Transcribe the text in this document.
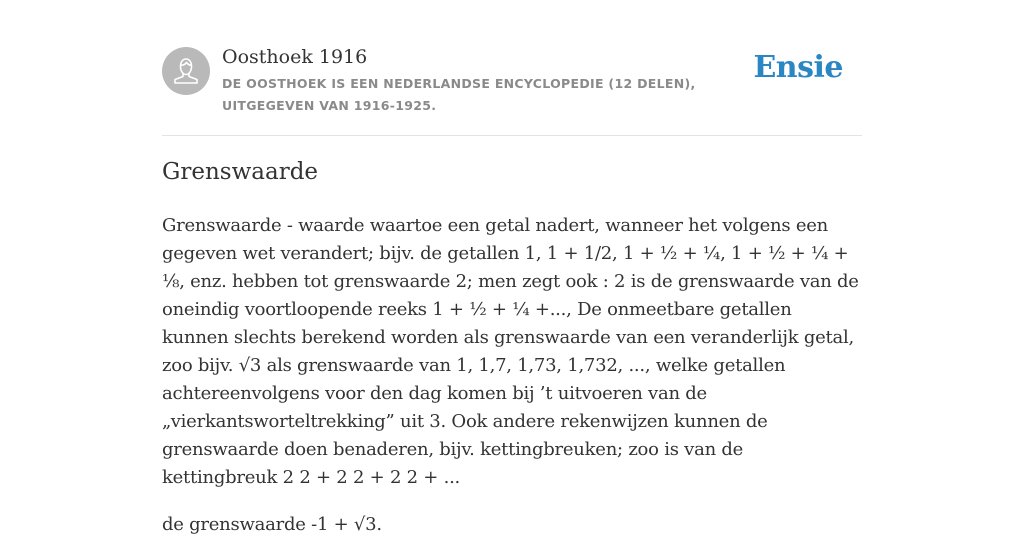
Oosthoek 1916
DE OOSTHOEK IS EEN NEDERLANDSE ENCYCLOPEDIE (12 DELEN), UITGEGEVEN VAN 1916-1925.
Ensie
Grenswaarde

Grenswaarde - waarde waartoe een getal nadert, wanneer het volgens een gegeven wet verandert; bijv. de getallen 1, 1 + 1/2, 1 + ½ + ¼, 1 + ½ + ¼ + ⅛, enz. hebben tot grenswaarde 2; men zegt ook : 2 is de grenswaarde van de oneindig voortloopende reeks 1 + ½ + ¼ +..., De onmeetbare getallen kunnen slechts berekend worden als grenswaarde van een veranderlijk getal, zoo bijv. √3 als grenswaarde van 1, 1,7, 1,73, 1,732, ..., welke getallen achtereenvolgens voor den dag komen bij ’t uitvoeren van de „vierkantsworteltrekking” uit 3. Ook andere rekenwijzen kunnen de grenswaarde doen benaderen, bijv. kettingbreuken; zoo is van de kettingbreuk 2 2 + 2 2 + 2 2 + ...

de grenswaarde -1 + √3.
